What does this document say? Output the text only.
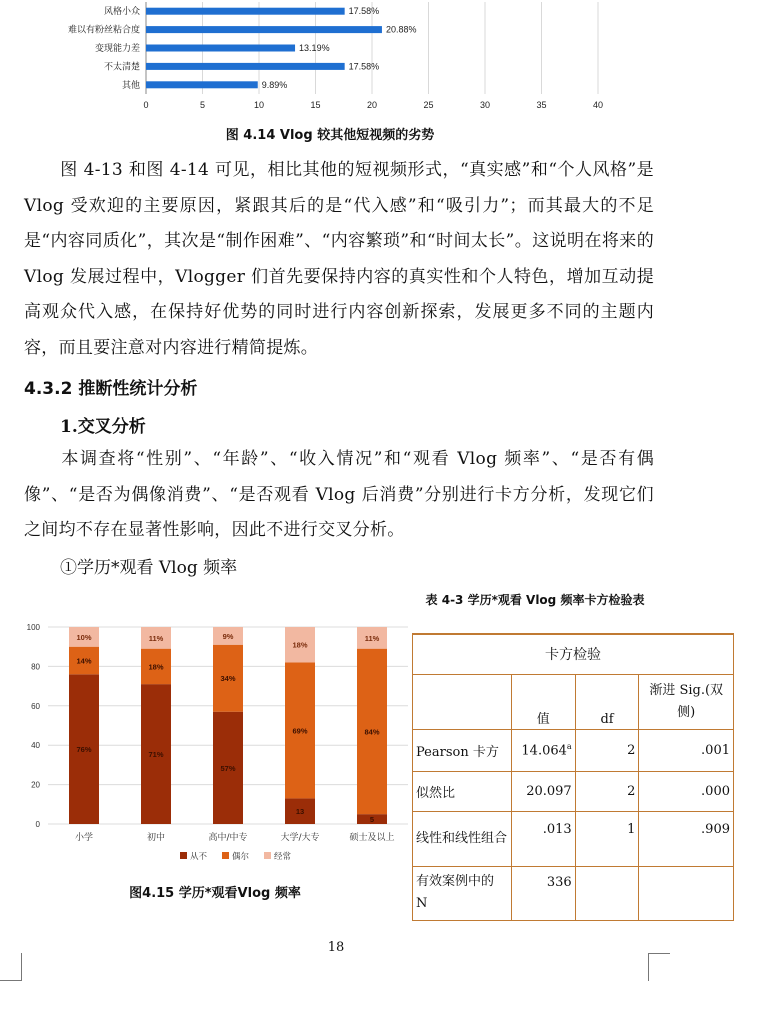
0	5	10	15	20	25	30	35	40
风格小众	17.58%
难以有粉丝粘合度	20.88%
变现能力差	13.19%
不太清楚	17.58%
其他	9.89%
图 4.14 Vlog 较其他短视频的劣势
图 4-13 和图 4-14 可见，相比其他的短视频形式，“真实感”和“个人风格”是 Vlog 受欢迎的主要原因，紧跟其后的是“代入感”和“吸引力”；而其最大的不足是“内容同质化”，其次是“制作困难”、“内容繁琐”和“时间太长”。这说明在将来的 Vlog 发展过程中，Vlogger 们首先要保持内容的真实性和个人特色，增加互动提高观众代入感，在保持好优势的同时进行内容创新探索，发展更多不同的主题内容，而且要注意对内容进行精简提炼。
4.3.2 推断性统计分析
1.交叉分析
本调查将“性别”、“年龄”、“收入情况”和“观看 Vlog 频率”、“是否有偶像”、“是否为偶像消费”、“是否观看 Vlog 后消费”分别进行卡方分析，发现它们之间均不存在显著性影响，因此不进行交叉分析。
①学历*观看 Vlog 频率
0
20
40
60
80
100
76%
14%
10%
小学
71%
18%
11%
初中
57%
34%
9%
高中/中专
13
69%
18%
大学/大专
5
84%
11%
硕士及以上
从不	偶尔	经常
图4.15 学历*观看Vlog 频率
表 4-3 学历*观看 Vlog 频率卡方检验表
卡方检验			
	值	df	渐进 Sig.(双侧)
Pearson 卡方	14.064$^a$	2	.001
似然比	20.097	2	.000
线性和线性组合	.013	1	.909
有效案例中的 N	336		
18
